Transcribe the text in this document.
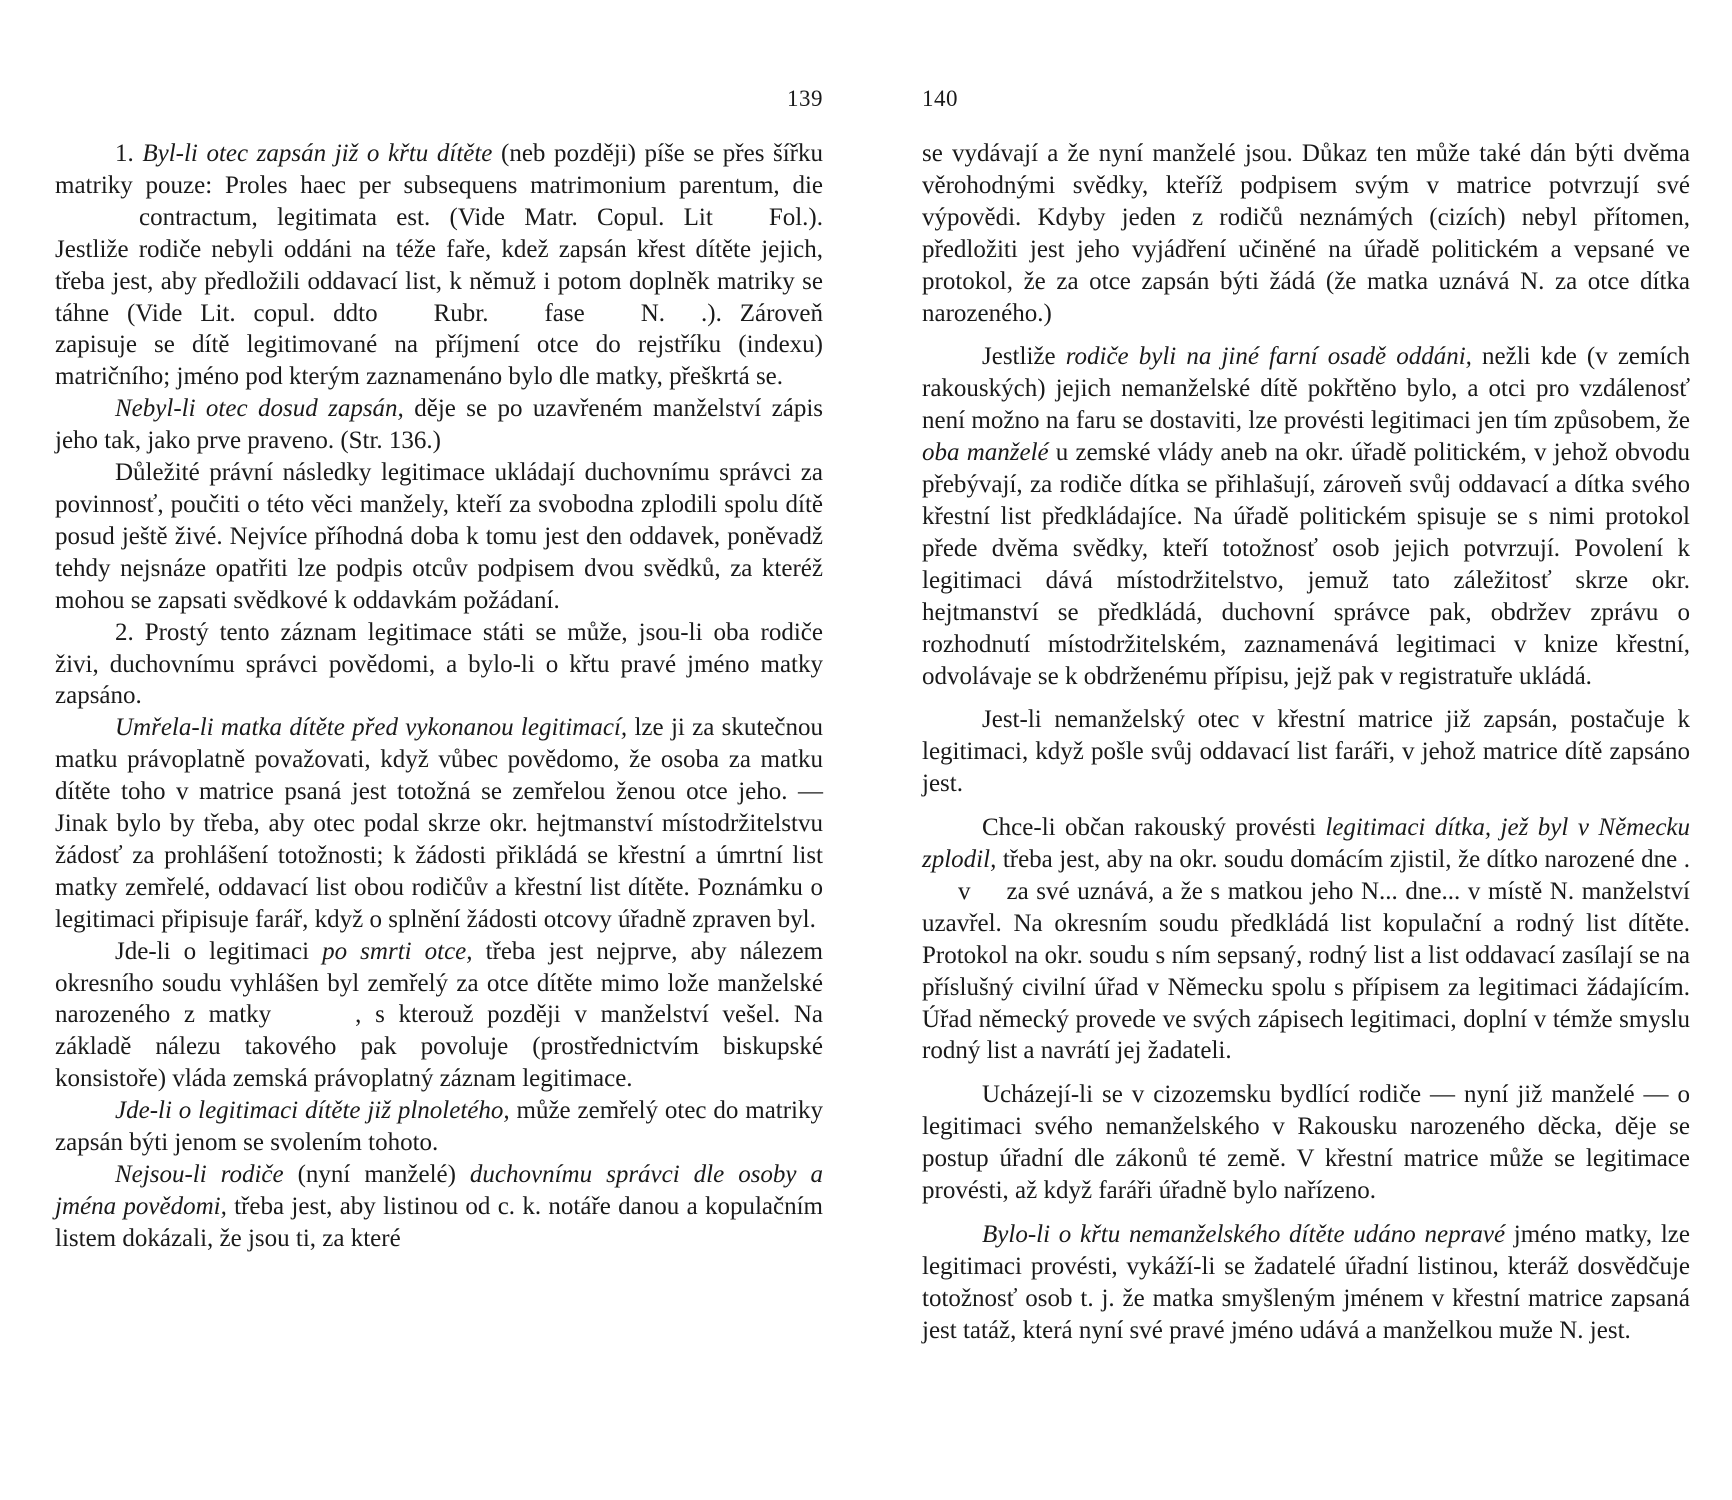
139

1. Byl-li otec zapsán již o křtu dítěte (neb později) píše se přes šířku matriky pouze: Proles haec per subsequens matrimonium parentum, diecontractum, legitimata est. (Vide Matr. Copul. Lit Fol.). Jestliže rodiče nebyli oddáni na téže faře, kdež zapsán křest dítěte jejich, třeba jest, aby předložili oddavací list, k němuž i potom doplněk matriky se táhne (Vide Lit. copul. ddto Rubr. fase N. .). Zároveň zapisuje se dítě legitimované na příjmení otce do rejstříku (indexu) matričního; jméno pod kterým zaznamenáno bylo dle matky, přeškrtá se.

Nebyl-li otec dosud zapsán, děje se po uzavřeném manželství zápis jeho tak, jako prve praveno. (Str. 136.)

Důležité právní následky legitimace ukládají duchovnímu správci za povinnosť, poučiti o této věci manžely, kteří za svobodna zplodili spolu dítě posud ještě živé. Nejvíce příhodná doba k tomu jest den oddavek, poněvadž tehdy nejsnáze opatřiti lze podpis otcův podpisem dvou svědků, za kteréž mohou se zapsati svědkové k oddavkám požádaní.

2. Prostý tento záznam legitimace státi se může, jsou-li oba rodiče živi, duchovnímu správci povědomi, a bylo-li o křtu pravé jméno matky zapsáno.

Umřela-li matka dítěte před vykonanou legitimací, lze ji za skutečnou matku právoplatně považovati, když vůbec povědomo, že osoba za matku dítěte toho v matrice psaná jest totožná se zemřelou ženou otce jeho. — Jinak bylo by třeba, aby otec podal skrze okr. hejtmanství místodržitelstvu žádosť za prohlášení totožnosti; k žádosti přikládá se křestní a úmrtní list matky zemřelé, oddavací list obou rodičův a křestní list dítěte. Poznámku o legitimaci připisuje farář, když o splnění žádosti otcovy úřadně zpraven byl.

Jde-li o legitimaci po smrti otce, třeba jest nejprve, aby nálezem okresního soudu vyhlášen byl zemřelý za otce dítěte mimo lože manželské narozeného z matky	, s kterouž později v manželství vešel. Na základě nálezu takového pak povoluje (prostřednictvím biskupské konsistoře) vláda zemská právoplatný záznam legitimace.

Jde-li o legitimaci dítěte již plnoletého, může zemřelý otec do matriky zapsán býti jenom se svolením tohoto.

Nejsou-li rodiče (nyní manželé) duchovnímu správci dle osoby a jména povědomi, třeba jest, aby listinou od c. k. notáře danou a kopulačním listem dokázali, že jsou ti, za které

140

se vydávají a že nyní manželé jsou. Důkaz ten může také dán býti dvěma věrohodnými svědky, kteříž podpisem svým v matrice potvrzují své výpovědi. Kdyby jeden z rodičů neznámých (cizích) nebyl přítomen, předložiti jest jeho vyjádření učiněné na úřadě politickém a vepsané ve protokol, že za otce zapsán býti žádá (že matka uznává N. za otce dítka narozeného.)

Jestliže rodiče byli na jiné farní osadě oddáni, nežli kde (v zemích rakouských) jejich nemanželské dítě pokřtěno bylo, a otci pro vzdálenosť není možno na faru se dostaviti, lze provésti legitimaci jen tím způsobem, že oba manželé u zemské vlády aneb na okr. úřadě politickém, v jehož obvodu přebývají, za rodiče dítka se přihlašují, zároveň svůj oddavací a dítka svého křestní list předkládajíce. Na úřadě politickém spisuje se s nimi protokol přede dvěma svědky, kteří totožnosť osob jejich potvrzují. Povolení k legitimaci dává místodržitelstvo, jemuž tato záležitosť skrze okr. hejtmanství se předkládá, duchovní správce pak, obdržev zprávu o rozhodnutí místodržitelském, zaznamenává legitimaci v knize křestní, odvolávaje se k obdrženému přípisu, jejž pak v registratuře ukládá.

Jest-li nemanželský otec v křestní matrice již zapsán, postačuje k legitimaci, když pošle svůj oddavací list faráři, v jehož matrice dítě zapsáno jest.

Chce-li občan rakouský provésti legitimaci dítka, jež byl v Německu zplodil, třeba jest, aby na okr. soudu domácím zjistil, že dítko narozené dne .v za své uznává, a že s matkou jeho N... dne... v místě N. manželství uzavřel. Na okresním soudu předkládá list kopulační a rodný list dítěte. Protokol na okr. soudu s ním sepsaný, rodný list a list oddavací zasílají se na příslušný civilní úřad v Německu spolu s přípisem za legitimaci žádajícím. Úřad německý provede ve svých zápisech legitimaci, doplní v témže smyslu rodný list a navrátí jej žadateli.

Ucházejí-li se v cizozemsku bydlící rodiče — nyní již manželé — o legitimaci svého nemanželského v Rakousku narozeného děcka, děje se postup úřadní dle zákonů té země. V křestní matrice může se legitimace provésti, až když faráři úřadně bylo nařízeno.

Bylo-li o křtu nemanželského dítěte udáno nepravé jméno matky, lze legitimaci provésti, vykáží-li se žadatelé úřadní listinou, kteráž dosvědčuje totožnosť osob t. j. že matka smyšleným jménem v křestní matrice zapsaná jest tatáž, která nyní své pravé jméno udává a manželkou muže N. jest.
